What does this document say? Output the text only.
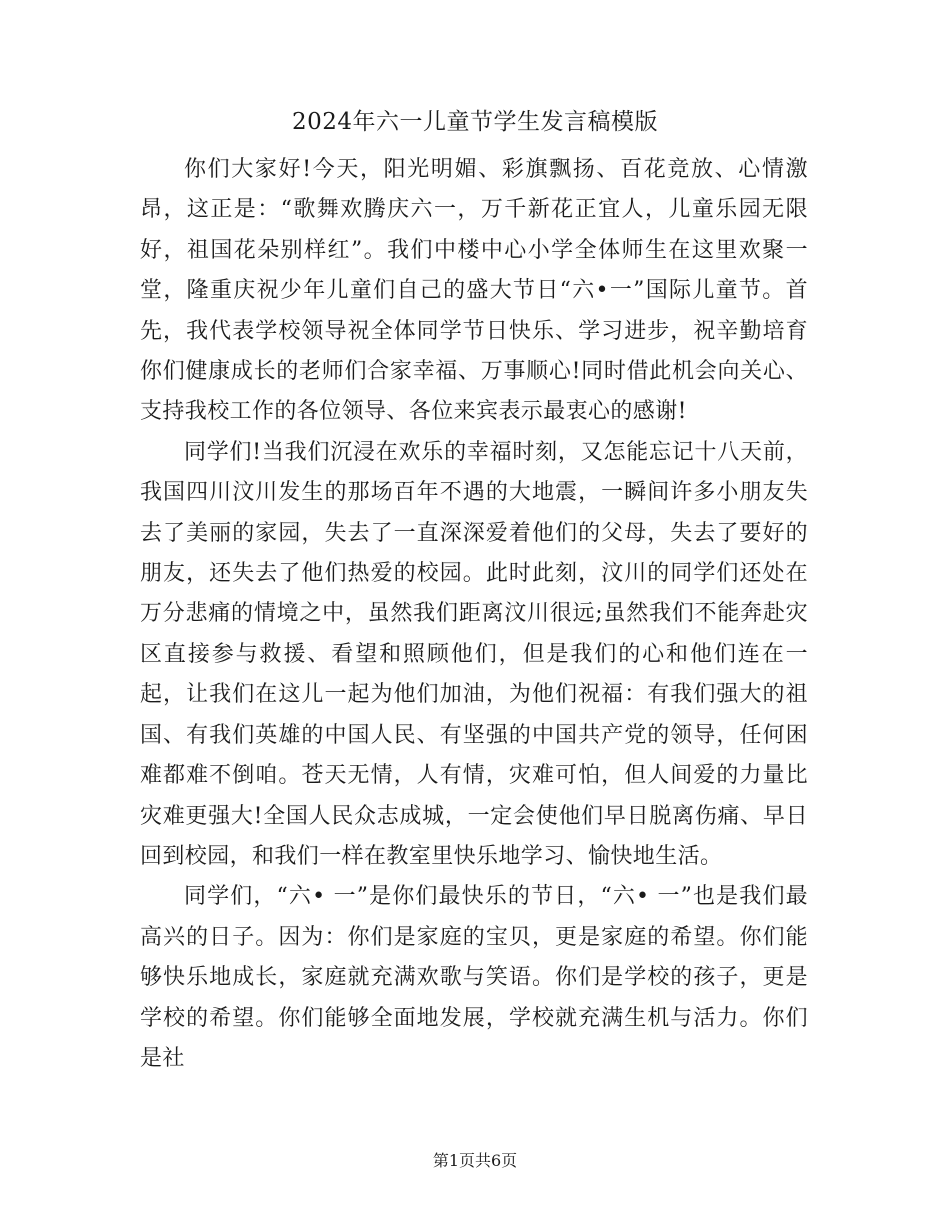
2024年六一儿童节学生发言稿模版

你们大家好!今天，阳光明媚、彩旗飘扬、百花竞放、心情激昂，这正是：“歌舞欢腾庆六一，万千新花正宜人，儿童乐园无限好，祖国花朵别样红”。我们中楼中心小学全体师生在这里欢聚一堂，隆重庆祝少年儿童们自己的盛大节日“六•一”国际儿童节。首先，我代表学校领导祝全体同学节日快乐、学习进步，祝辛勤培育你们健康成长的老师们合家幸福、万事顺心!同时借此机会向关心、支持我校工作的各位领导、各位来宾表示最衷心的感谢!

同学们!当我们沉浸在欢乐的幸福时刻，又怎能忘记十八天前，我国四川汶川发生的那场百年不遇的大地震，一瞬间许多小朋友失去了美丽的家园，失去了一直深深爱着他们的父母，失去了要好的朋友，还失去了他们热爱的校园。此时此刻，汶川的同学们还处在万分悲痛的情境之中，虽然我们距离汶川很远;虽然我们不能奔赴灾区直接参与救援、看望和照顾他们，但是我们的心和他们连在一起，让我们在这儿一起为他们加油，为他们祝福：有我们强大的祖国、有我们英雄的中国人民、有坚强的中国共产党的领导，任何困难都难不倒咱。苍天无情，人有情，灾难可怕，但人间爱的力量比灾难更强大!全国人民众志成城，一定会使他们早日脱离伤痛、早日回到校园，和我们一样在教室里快乐地学习、愉快地生活。

同学们，“六• 一”是你们最快乐的节日，“六• 一”也是我们最高兴的日子。因为：你们是家庭的宝贝，更是家庭的希望。你们能够快乐地成长，家庭就充满欢歌与笑语。你们是学校的孩子，更是学校的希望。你们能够全面地发展，学校就充满生机与活力。你们是社

第1页共6页
